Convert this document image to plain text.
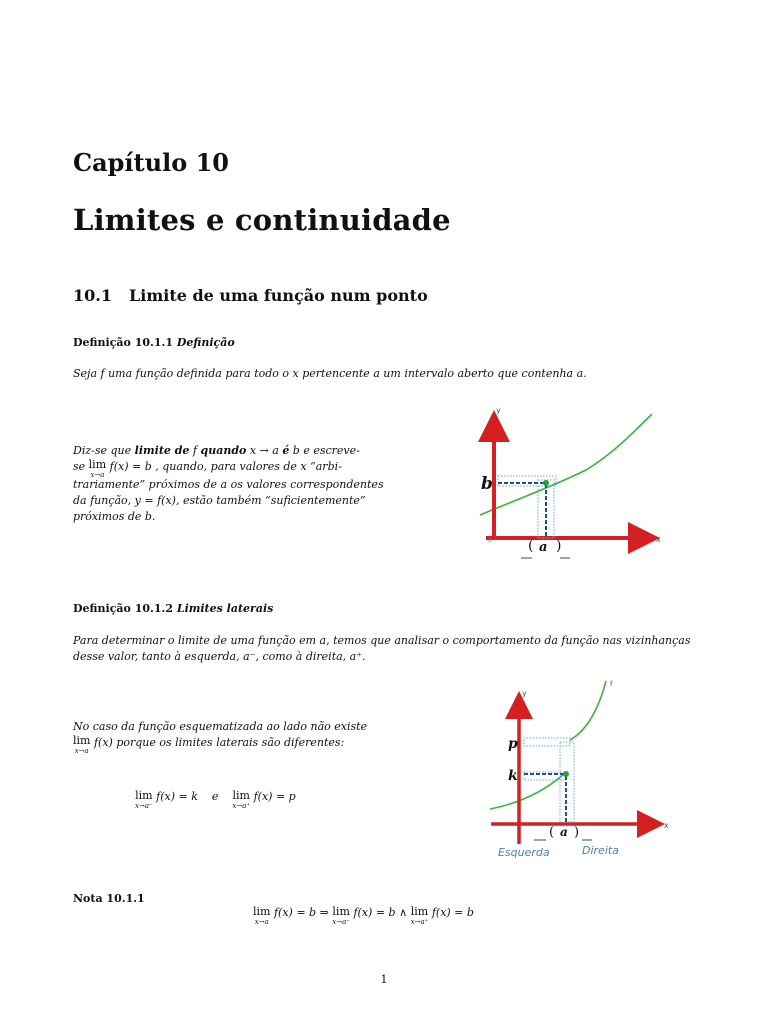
Capítulo 10
Limites e continuidade
10.1 Limite de uma função num ponto
Definição 10.1.1 Definição
Seja f uma função definida para todo o x pertencente a um intervalo aberto que contenha a.
Diz-se que limite de f quando x → a é b e escreve-
se lim
x→a
f(x) = b , quando, para valores de x “arbi-
trariamente” próximos de a os valores correspondentes
da função, y = f(x), estão também “suficientemente”
próximos de b.
y
x
0
b
( a )
Definição 10.1.2 Limites laterais
Para determinar o limite de uma função em a, temos que analisar o comportamento da função nas vizinhanças
desse valor, tanto à esquerda, a⁻, como à direita, a⁺.
No caso da função esquematizada ao lado não existe
lim
x→a
f(x) porque os limites laterais são diferentes:
lim
x→a⁻
f(x) = k    e lim
x→a⁺
f(x) = p
y
x
f
p
k
( a )
Esquerda	Direita
Nota 10.1.1
lim
x→a
f(x) = b ⇒ lim
x→a⁻
f(x) = b ∧ lim
x→a⁺
f(x) = b
1
